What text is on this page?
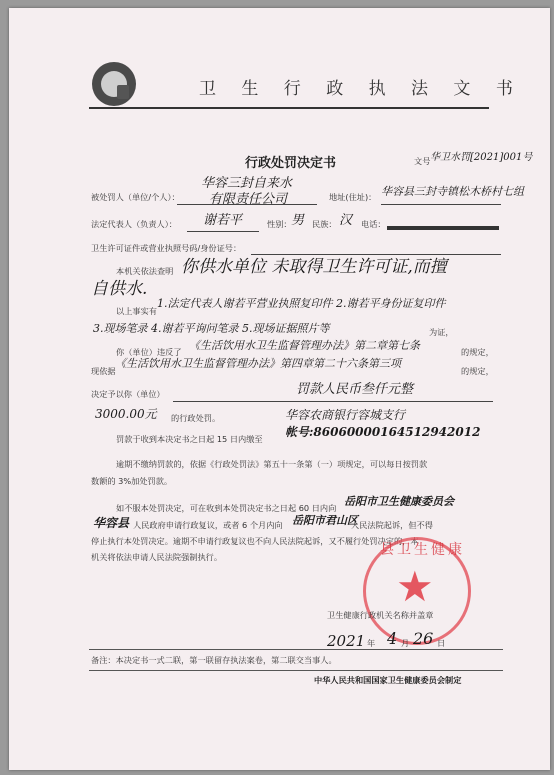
卫 生 行 政 执 法 文 书
行政处罚决定书	文号 华卫水罚[2021]001号
被处罚人（单位/个人）：
华容三封自来水
有限责任公司	地址(住址)： 华容县三封寺镇松木桥村七组
法定代表人（负责人）： 谢若平	性别： 男 民族： 汉 电话：
卫生许可证件或营业执照号码/身份证号：
本机关依法查明 你供水单位 未取得卫生许可证,而擅
自供水.
以上事实有
1.法定代表人谢若平营业执照复印件 2.谢若平身份证复印件
3.现场笔录 4.谢若平询问笔录 5.现场证据照片等	为证，
你（单位）违反了 《生活饮用水卫生监督管理办法》第二章第七条	的规定，
现依据
《生活饮用水卫生监督管理办法》第四章第二十六条第三项
的规定，
决定予以你（单位）	罚款人民币叁仟元整
3000.00元 的行政处罚。	华容农商银行容城支行
罚款于收到本决定书之日起 15 日内缴至 帐号:86060000164512942012
逾期不缴纳罚款的，依据《行政处罚法》第五十一条第（一）项规定，可以每日按罚款
数额的 3%加处罚款。
如不服本处罚决定，可在收到本处罚决定书之日起 60 日内向 岳阳市卫生健康委员会
华容县 人民政府申请行政复议，或者 6 个月内向 岳阳市君山区
人民法院起诉，但不得
停止执行本处罚决定。逾期不申请行政复议也不向人民法院起诉，又不履行处罚决定的，本
机关将依法申请人民法院强制执行。
★
县卫生健康
卫生健康行政机关名称并盖章
2021 年 4 月 26 日
备注：本决定书一式二联，第一联留存执法案卷，第二联交当事人。
中华人民共和国国家卫生健康委员会制定
